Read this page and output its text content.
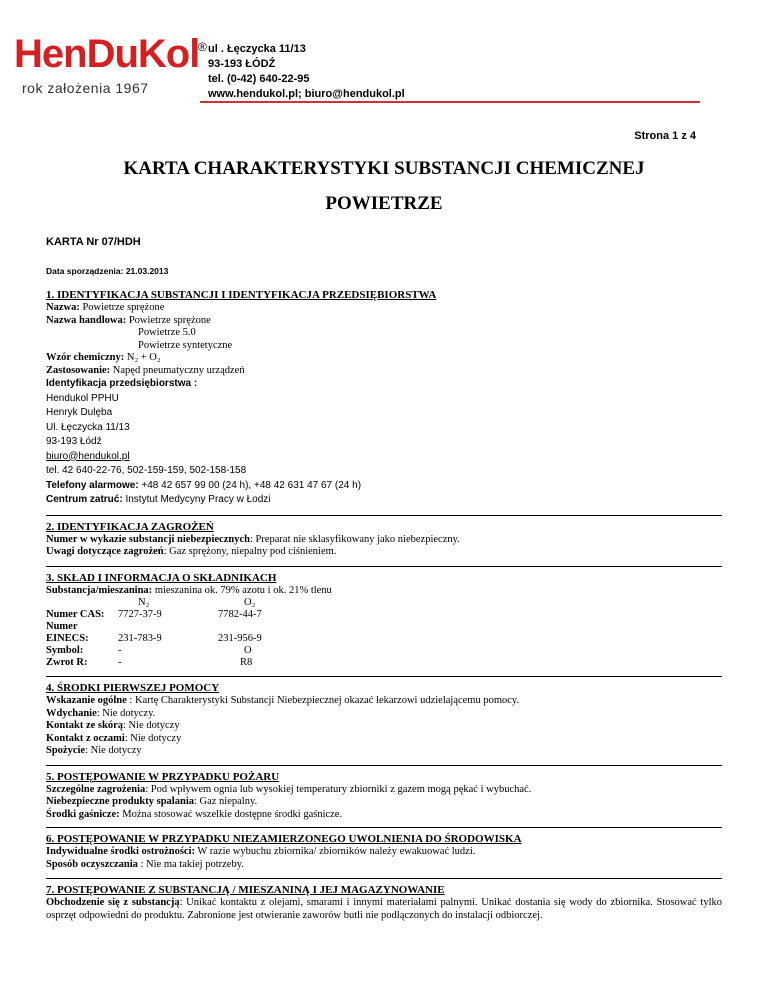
HenDuKol
®
rok założenia 1967
ul . Łęczycka 11/13
93-193 ŁÓDŹ
tel. (0-42) 640-22-95
www.hendukol.pl; biuro@hendukol.pl
Strona 1 z 4
KARTA CHARAKTERYSTYKI SUBSTANCJI CHEMICZNEJ
POWIETRZE
KARTA Nr 07/HDH
Data sporządzenia: 21.03.2013

1. IDENTYFIKACJA SUBSTANCJI I IDENTYFIKACJA PRZEDSIĘBIORSTWA

Nazwa: Powietrze sprężone

Nazwa handlowa: Powietrze sprężone

Powietrze 5.0

Powietrze syntetyczne

Wzór chemiczny: N₂ + O₂

Zastosowanie: Napęd pneumatyczny urządzeń

Identyfikacja przedsiębiorstwa :

Hendukol PPHU

Henryk Dulęba

Ul. Łęczycka 11/13

93-193 Łódź

biuro@hendukol.pl

tel. 42 640-22-76, 502-159-159, 502-158-158

Telefony alarmowe: +48 42 657 99 00 (24 h), +48 42 631 47 67 (24 h)

Centrum zatruć: Instytut Medycyny Pracy w Łodzi

2. IDENTYFIKACJA ZAGROŻEŃ

Numer w wykazie substancji niebezpiecznych: Preparat nie sklasyfikowany jako niebezpieczny.

Uwagi dotyczące zagrożeń: Gaz sprężony, niepalny pod ciśnieniem.

3. SKŁAD I INFORMACJA O SKŁADNIKACH

Substancja/mieszanina: mieszanina ok. 79% azotu i ok. 21% tlenu

	N₂	O₂
Numer CAS:	7727-37-9	7782-44-7
Numer		
EINECS:	231-783-9	231-956-9
Symbol:	-	O
Zwrot R:	-	R8

4. ŚRODKI PIERWSZEJ POMOCY

Wskazanie ogólne : Kartę Charakterystyki Substancji Niebezpiecznej okazać lekarzowi udzielającemu pomocy.

Wdychanie: Nie dotyczy.

Kontakt ze skórą: Nie dotyczy

Kontakt z oczami: Nie dotyczy

Spożycie: Nie dotyczy

5. POSTĘPOWANIE W PRZYPADKU POŻARU

Szczególne zagrożenia: Pod wpływem ognia lub wysokiej temperatury zbiorniki z gazem mogą pękać i wybuchać.

Niebezpieczne produkty spalania: Gaz niepalny.

Środki gaśnicze: Można stosować wszelkie dostępne środki gaśnicze.

6. POSTĘPOWANIE W PRZYPADKU NIEZAMIERZONEGO UWOLNIENIA DO ŚRODOWISKA

Indywidualne środki ostrożności: W razie wybuchu zbiornika/ zbiorników należy ewakuować ludzi.

Sposób oczyszczania : Nie ma takiej potrzeby.

7. POSTĘPOWANIE Z SUBSTANCJĄ / MIESZANINĄ I JEJ MAGAZYNOWANIE

Obchodzenie się z substancją: Unikać kontaktu z olejami, smarami i innymi materiałami palnymi. Unikać dostania się wody do zbiornika. Stosować tylko osprzęt odpowiedni do produktu. Zabronione jest otwieranie zaworów butli nie podłączonych do instalacji odbiorczej.
